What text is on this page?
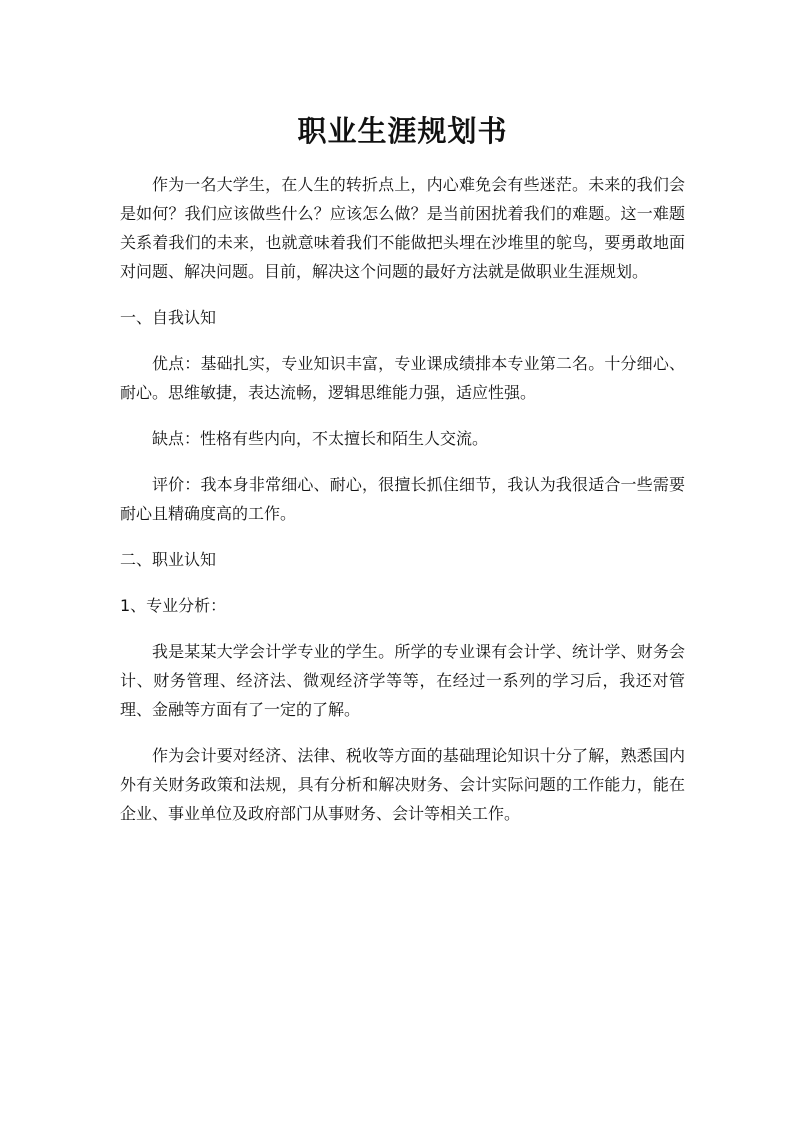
职业生涯规划书

作为一名大学生，在人生的转折点上，内心难免会有些迷茫。未来的我们会是如何？我们应该做些什么？应该怎么做？是当前困扰着我们的难题。这一难题关系着我们的未来，也就意味着我们不能做把头埋在沙堆里的鸵鸟，要勇敢地面对问题、解决问题。目前，解决这个问题的最好方法就是做职业生涯规划。

一、自我认知

优点：基础扎实，专业知识丰富，专业课成绩排本专业第二名。十分细心、耐心。思维敏捷，表达流畅，逻辑思维能力强，适应性强。

缺点：性格有些内向，不太擅长和陌生人交流。

评价：我本身非常细心、耐心，很擅长抓住细节，我认为我很适合一些需要耐心且精确度高的工作。

二、职业认知

1、专业分析：

我是某某大学会计学专业的学生。所学的专业课有会计学、统计学、财务会计、财务管理、经济法、微观经济学等等，在经过一系列的学习后，我还对管理、金融等方面有了一定的了解。

作为会计要对经济、法律、税收等方面的基础理论知识十分了解，熟悉国内外有关财务政策和法规，具有分析和解决财务、会计实际问题的工作能力，能在企业、事业单位及政府部门从事财务、会计等相关工作。
